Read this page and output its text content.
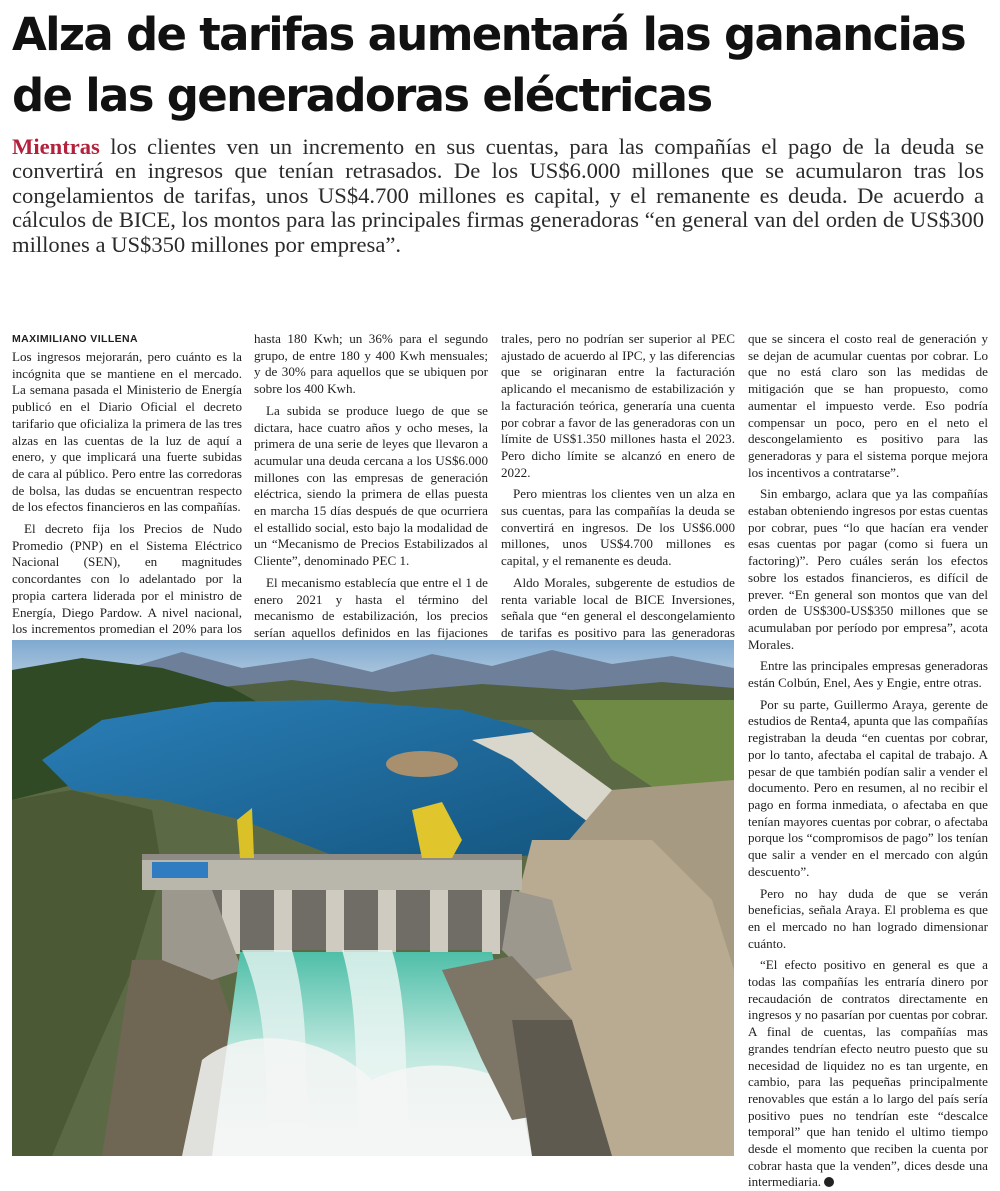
Alza de tarifas aumentará las ganancias
de las generadoras eléctricas

Mientras los clientes ven un incremento en sus cuentas, para las compañías el pago de la deuda se convertirá en ingresos que tenían retrasados. De los US$6.000 millones que se acumularon tras los congelamientos de tarifas, unos US$4.700 millones es capital, y el remanente es deuda. De acuerdo a cálculos de BICE, los montos para las principales firmas generadoras “en general van del orden de US$300 millones a US$350 millones por empresa”.

MAXIMILIANO VILLENA

Los ingresos mejorarán, pero cuánto es la incógnita que se mantiene en el mercado. La semana pasada el Ministerio de Energía publicó en el Diario Oficial el decreto tarifario que oficializa la primera de las tres alzas en las cuentas de la luz de aquí a enero, y que implicará una fuerte subidas de cara al público. Pero entre las corredoras de bolsa, las dudas se encuentran respecto de los efectos financieros en las compañías.

El decreto fija los Precios de Nudo Promedio (PNP) en el Sistema Eléctrico Nacional (SEN), en magnitudes concordantes con lo adelantado por la propia cartera liderada por el ministro de Energía, Diego Pardow. A nivel nacional, los incrementos promedian el 20% para los

hasta 180 Kwh; un 36% para el segundo grupo, de entre 180 y 400 Kwh mensuales; y de 30% para aquellos que se ubiquen por sobre los 400 Kwh.

La subida se produce luego de que se dictara, hace cuatro años y ocho meses, la primera de una serie de leyes que llevaron a acumular una deuda cercana a los US$6.000 millones con las empresas de generación eléctrica, siendo la primera de ellas puesta en marcha 15 días después de que ocurriera el estallido social, esto bajo la modalidad de un “Mecanismo de Precios Estabilizados al Cliente”, denominado PEC 1.

El mecanismo establecía que entre el 1 de enero 2021 y hasta el término del mecanismo de estabilización, los precios serían aquellos definidos en las fijaciones

trales, pero no podrían ser superior al PEC ajustado de acuerdo al IPC, y las diferencias que se originaran entre la facturación aplicando el mecanismo de estabilización y la facturación teórica, generaría una cuenta por cobrar a favor de las generadoras con un límite de US$1.350 millones hasta el 2023. Pero dicho límite se alcanzó en enero de 2022.

Pero mientras los clientes ven un alza en sus cuentas, para las compañías la deuda se convertirá en ingresos. De los US$6.000 millones, unos US$4.700 millones es capital, y el remanente es deuda.

Aldo Morales, subgerente de estudios de renta variable local de BICE Inversiones, señala que “en general el descongelamiento de tarifas es positivo para las generadoras

que se sincera el costo real de generación y se dejan de acumular cuentas por cobrar. Lo que no está claro son las medidas de mitigación que se han propuesto, como aumentar el impuesto verde. Eso podría compensar un poco, pero en el neto el descongelamiento es positivo para las generadoras y para el sistema porque mejora los incentivos a contratarse”.

Sin embargo, aclara que ya las compañías estaban obteniendo ingresos por estas cuentas por cobrar, pues “lo que hacían era vender esas cuentas por pagar (como si fuera un factoring)”. Pero cuáles serán los efectos sobre los estados financieros, es difícil de prever. “En general son montos que van del orden de US$300-US$350 millones que se acumulaban por período por empresa”, acota Morales.

Entre las principales empresas generadoras están Colbún, Enel, Aes y Engie, entre otras.

Por su parte, Guillermo Araya, gerente de estudios de Renta4, apunta que las compañías registraban la deuda “en cuentas por cobrar, por lo tanto, afectaba el capital de trabajo. A pesar de que también podían salir a vender el documento. Pero en resumen, al no recibir el pago en forma inmediata, o afectaba en que tenían mayores cuentas por cobrar, o afectaba porque los “compromisos de pago” los tenían que salir a vender en el mercado con algún descuento”.

Pero no hay duda de que se verán beneficias, señala Araya. El problema es que en el mercado no han logrado dimensionar cuánto.

“El efecto positivo en general es que a todas las compañías les entraría dinero por recaudación de contratos directamente en ingresos y no pasarían por cuentas por cobrar. A final de cuentas, las compañías mas grandes tendrían efecto neutro puesto que su necesidad de liquidez no es tan urgente, en cambio, para las pequeñas principalmente renovables que están a lo largo del país sería positivo pues no tendrían este “descalce temporal” que han tenido el ultimo tiempo desde el momento que reciben la cuenta por cobrar hasta que la venden”, dices desde una intermediaria.
